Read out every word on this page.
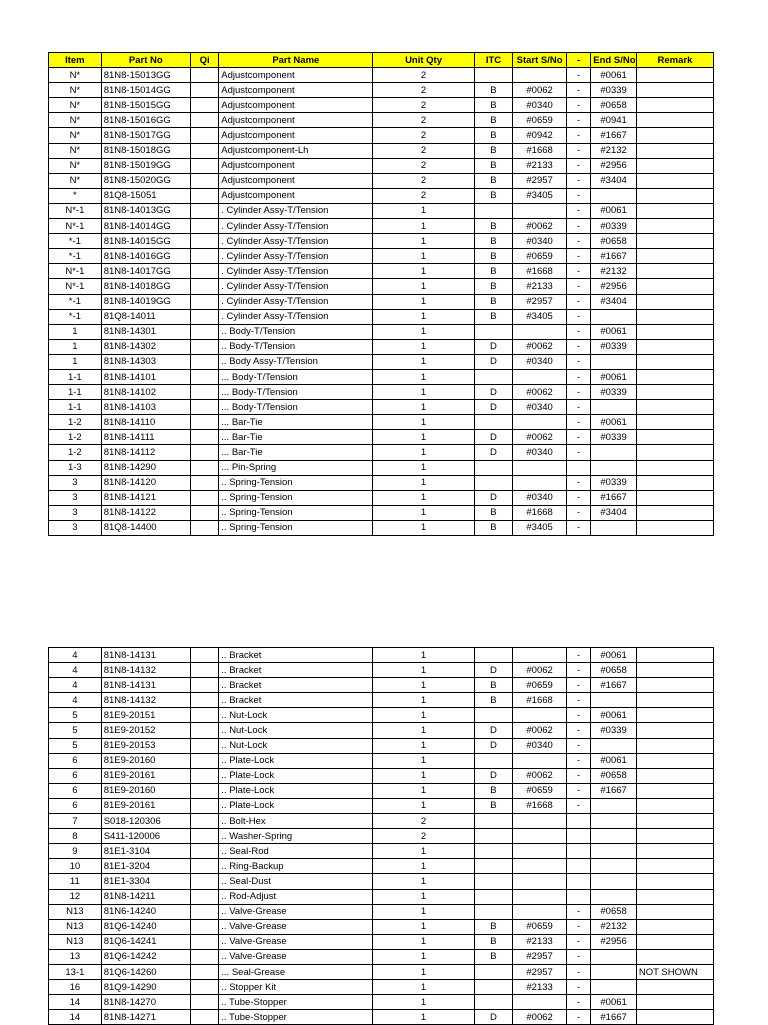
Item	Part No	Qi	Part Name	Unit Qty	ITC	Start S/No	-	End S/No	Remark
N*	81N8-15013GG		Adjustcomponent	2			-	#0061	
N*	81N8-15014GG		Adjustcomponent	2	B	#0062	-	#0339	
N*	81N8-15015GG		Adjustcomponent	2	B	#0340	-	#0658	
N*	81N8-15016GG		Adjustcomponent	2	B	#0659	-	#0941	
N*	81N8-15017GG		Adjustcomponent	2	B	#0942	-	#1667	
N*	81N8-15018GG		Adjustcomponent-Lh	2	B	#1668	-	#2132	
N*	81N8-15019GG		Adjustcomponent	2	B	#2133	-	#2956	
N*	81N8-15020GG		Adjustcomponent	2	B	#2957	-	#3404	
*	81Q8-15051		Adjustcomponent	2	B	#3405	-		
N*-1	81N8-14013GG		. Cylinder Assy-T/Tension	1			-	#0061	
N*-1	81N8-14014GG		. Cylinder Assy-T/Tension	1	B	#0062	-	#0339	
*-1	81N8-14015GG		. Cylinder Assy-T/Tension	1	B	#0340	-	#0658	
*-1	81N8-14016GG		. Cylinder Assy-T/Tension	1	B	#0659	-	#1667	
N*-1	81N8-14017GG		. Cylinder Assy-T/Tension	1	B	#1668	-	#2132	
N*-1	81N8-14018GG		. Cylinder Assy-T/Tension	1	B	#2133	-	#2956	
*-1	81N8-14019GG		. Cylinder Assy-T/Tension	1	B	#2957	-	#3404	
*-1	81Q8-14011		. Cylinder Assy-T/Tension	1	B	#3405	-		
1	81N8-14301		.. Body-T/Tension	1			-	#0061	
1	81N8-14302		.. Body-T/Tension	1	D	#0062	-	#0339	
1	81N8-14303		.. Body Assy-T/Tension	1	D	#0340	-		
1-1	81N8-14101		... Body-T/Tension	1			-	#0061	
1-1	81N8-14102		... Body-T/Tension	1	D	#0062	-	#0339	
1-1	81N8-14103		... Body-T/Tension	1	D	#0340	-		
1-2	81N8-14110		... Bar-Tie	1			-	#0061	
1-2	81N8-14111		... Bar-Tie	1	D	#0062	-	#0339	
1-2	81N8-14112		... Bar-Tie	1	D	#0340	-		
1-3	81N8-14290		... Pin-Spring	1					
3	81N8-14120		.. Spring-Tension	1			-	#0339	
3	81N8-14121		.. Spring-Tension	1	D	#0340	-	#1667	
3	81N8-14122		.. Spring-Tension	1	B	#1668	-	#3404	
3	81Q8-14400		.. Spring-Tension	1	B	#3405	-		
4	81N8-14131		.. Bracket	1			-	#0061	
4	81N8-14132		.. Bracket	1	D	#0062	-	#0658	
4	81N8-14131		.. Bracket	1	B	#0659	-	#1667	
4	81N8-14132		.. Bracket	1	B	#1668	-		
5	81E9-20151		.. Nut-Lock	1			-	#0061	
5	81E9-20152		.. Nut-Lock	1	D	#0062	-	#0339	
5	81E9-20153		.. Nut-Lock	1	D	#0340	-		
6	81E9-20160		.. Plate-Lock	1			-	#0061	
6	81E9-20161		.. Plate-Lock	1	D	#0062	-	#0658	
6	81E9-20160		.. Plate-Lock	1	B	#0659	-	#1667	
6	81E9-20161		.. Plate-Lock	1	B	#1668	-		
7	S018-120306		.. Bolt-Hex	2					
8	S411-120006		.. Washer-Spring	2					
9	81E1-3104		.. Seal-Rod	1					
10	81E1-3204		.. Ring-Backup	1					
11	81E1-3304		.. Seal-Dust	1					
12	81N8-14211		.. Rod-Adjust	1					
N13	81N6-14240		.. Valve-Grease	1			-	#0658	
N13	81Q6-14240		.. Valve-Grease	1	B	#0659	-	#2132	
N13	81Q6-14241		.. Valve-Grease	1	B	#2133	-	#2956	
13	81Q6-14242		.. Valve-Grease	1	B	#2957	-		
13-1	81Q6-14260		... Seal-Grease	1		#2957	-		NOT SHOWN
16	81Q9-14290		.. Stopper Kit	1		#2133	-		
14	81N8-14270		.. Tube-Stopper	1			-	#0061	
14	81N8-14271		.. Tube-Stopper	1	D	#0062	-	#1667	
